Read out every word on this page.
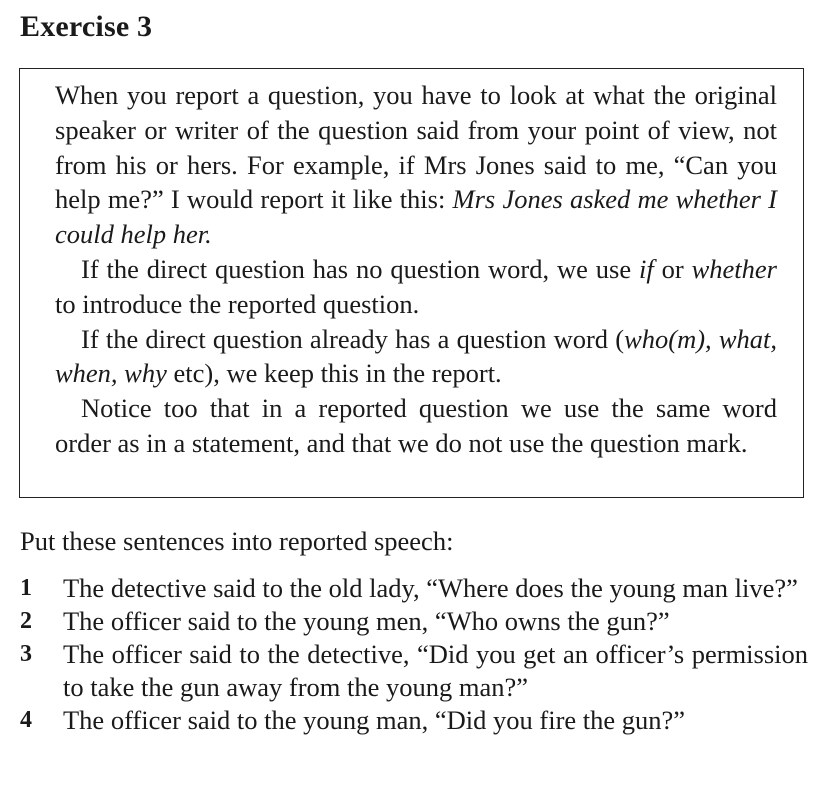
Exercise 3

When you report a question, you have to look at what the original speaker or writer of the question said from your point of view, not from his or hers. For example, if Mrs Jones said to me, “Can you help me?” I would report it like this: Mrs Jones asked me whether I could help her.

If the direct question has no question word, we use if or whether to introduce the reported question.

If the direct question already has a question word (who(m), what, when, why etc), we keep this in the report.

Notice too that in a reported question we use the same word order as in a statement, and that we do not use the question mark.

Put these sentences into reported speech:
1 The detective said to the old lady, “Where does the young man live?”
2 The officer said to the young men, “Who owns the gun?”
3 The officer said to the detective, “Did you get an officer’s permission to take the gun away from the young man?”
4 The officer said to the young man, “Did you fire the gun?”
